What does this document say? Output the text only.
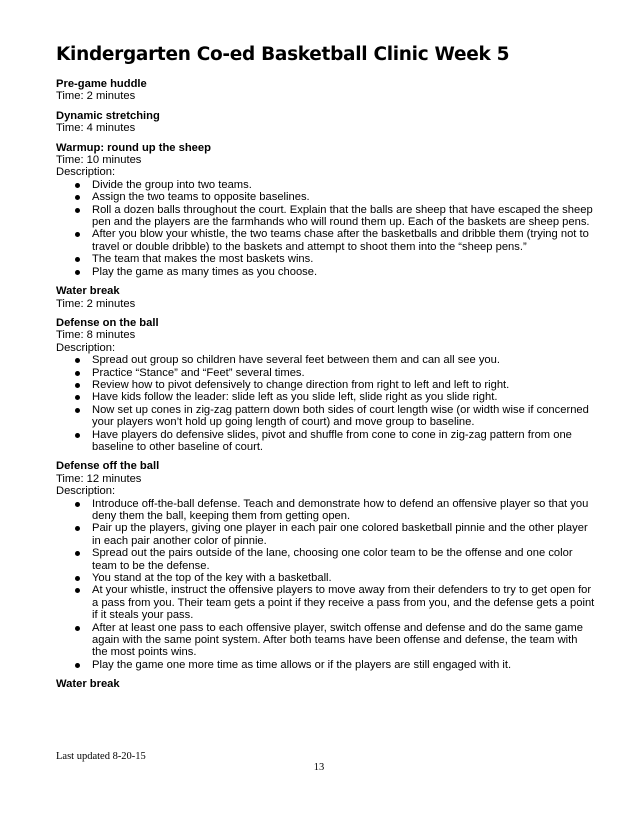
Kindergarten Co-ed Basketball Clinic Week 5
Pre-game huddle
Time: 2 minutes
Dynamic stretching
Time: 4 minutes
Warmup: round up the sheep
Time: 10 minutes
Description:
Divide the group into two teams.
Assign the two teams to opposite baselines.
Roll a dozen balls throughout the court. Explain that the balls are sheep that have escaped the sheep pen and the players are the farmhands who will round them up. Each of the baskets are sheep pens.
After you blow your whistle, the two teams chase after the basketballs and dribble them (trying not to travel or double dribble) to the baskets and attempt to shoot them into the “sheep pens.”
The team that makes the most baskets wins.
Play the game as many times as you choose.
Water break
Time: 2 minutes
Defense on the ball
Time: 8 minutes
Description:
Spread out group so children have several feet between them and can all see you.
Practice “Stance” and “Feet” several times.
Review how to pivot defensively to change direction from right to left and left to right.
Have kids follow the leader: slide left as you slide left, slide right as you slide right.
Now set up cones in zig-zag pattern down both sides of court length wise (or width wise if concerned your players won’t hold up going length of court) and move group to baseline.
Have players do defensive slides, pivot and shuffle from cone to cone in zig-zag pattern from one baseline to other baseline of court.
Defense off the ball
Time: 12 minutes
Description:
Introduce off-the-ball defense. Teach and demonstrate how to defend an offensive player so that you deny them the ball, keeping them from getting open.
Pair up the players, giving one player in each pair one colored basketball pinnie and the other player in each pair another color of pinnie.
Spread out the pairs outside of the lane, choosing one color team to be the offense and one color team to be the defense.
You stand at the top of the key with a basketball.
At your whistle, instruct the offensive players to move away from their defenders to try to get open for a pass from you. Their team gets a point if they receive a pass from you, and the defense gets a point if it steals your pass.
After at least one pass to each offensive player, switch offense and defense and do the same game again with the same point system. After both teams have been offense and defense, the team with the most points wins.
Play the game one more time as time allows or if the players are still engaged with it.
Water break
Last updated 8-20-15
13
